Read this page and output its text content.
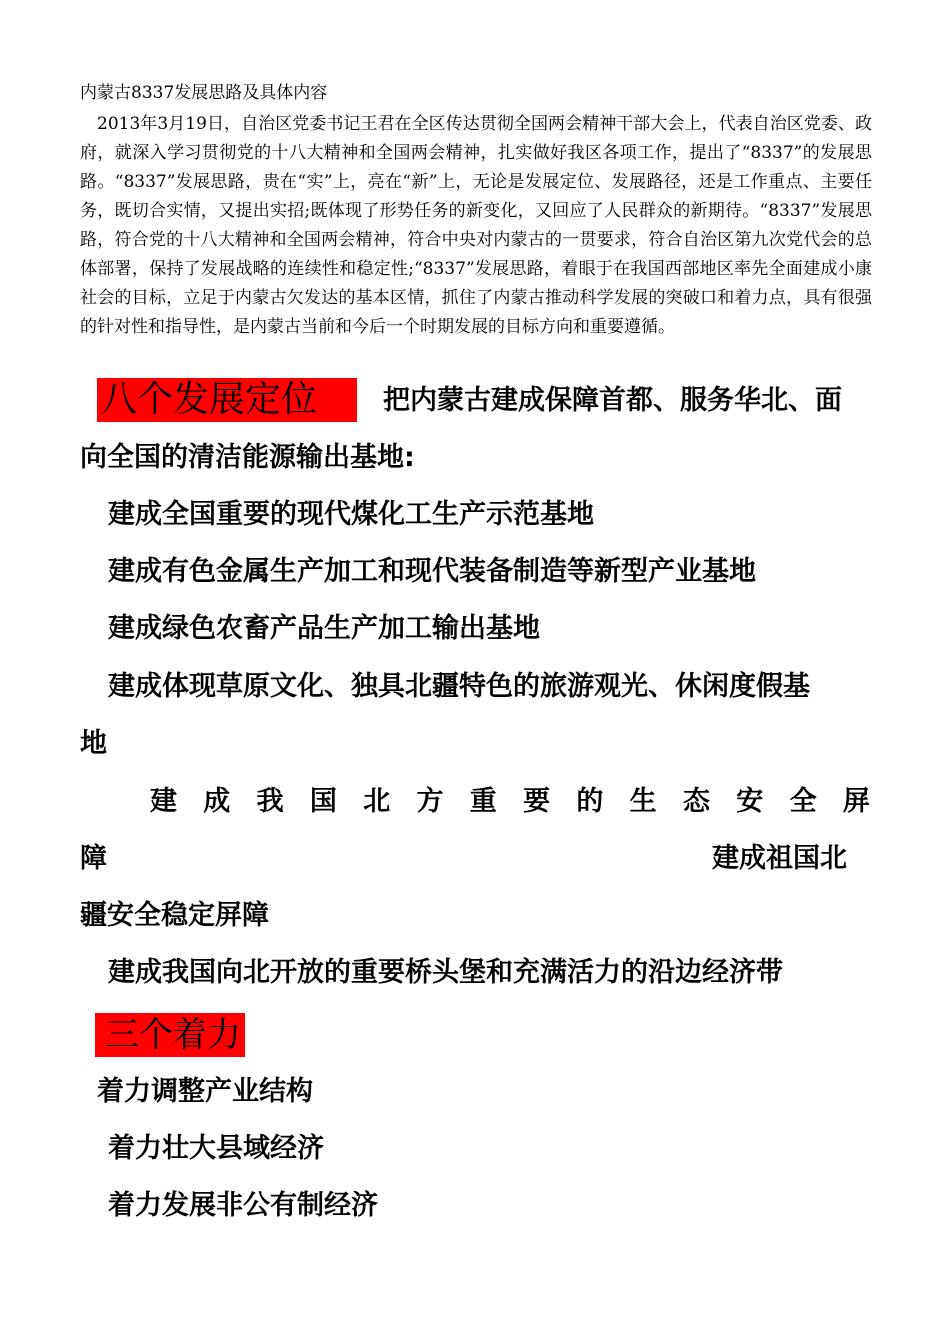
内蒙古8337发展思路及具体内容

2013年3月19日，自治区党委书记王君在全区传达贯彻全国两会精神干部大会上，代表自治区党委、政府，就深入学习贯彻党的十八大精神和全国两会精神，扎实做好我区各项工作，提出了“8337”的发展思路。“8337”发展思路，贵在“实”上，亮在“新”上，无论是发展定位、发展路径，还是工作重点、主要任务，既切合实情，又提出实招;既体现了形势任务的新变化，又回应了人民群众的新期待。“8337”发展思路，符合党的十八大精神和全国两会精神，符合中央对内蒙古的一贯要求，符合自治区第九次党代会的总体部署，保持了发展战略的连续性和稳定性;“8337”发展思路，着眼于在我国西部地区率先全面建成小康社会的目标，立足于内蒙古欠发达的基本区情，抓住了内蒙古推动科学发展的突破口和着力点，具有很强的针对性和指导性，是内蒙古当前和今后一个时期发展的目标方向和重要遵循。

八个发展定位 把内蒙古建成保障首都、服务华北、面
向全国的清洁能源输出基地:
建成全国重要的现代煤化工生产示范基地
建成有色金属生产加工和现代装备制造等新型产业基地
建成绿色农畜产品生产加工输出基地
建成体现草原文化、独具北疆特色的旅游观光、休闲度假基
地
建 成 我 国 北 方 重 要 的 生 态 安 全 屏
障	建成祖国北
疆安全稳定屏障
建成我国向北开放的重要桥头堡和充满活力的沿边经济带
三个着力
着力调整产业结构
着力壮大县域经济
着力发展非公有制经济
